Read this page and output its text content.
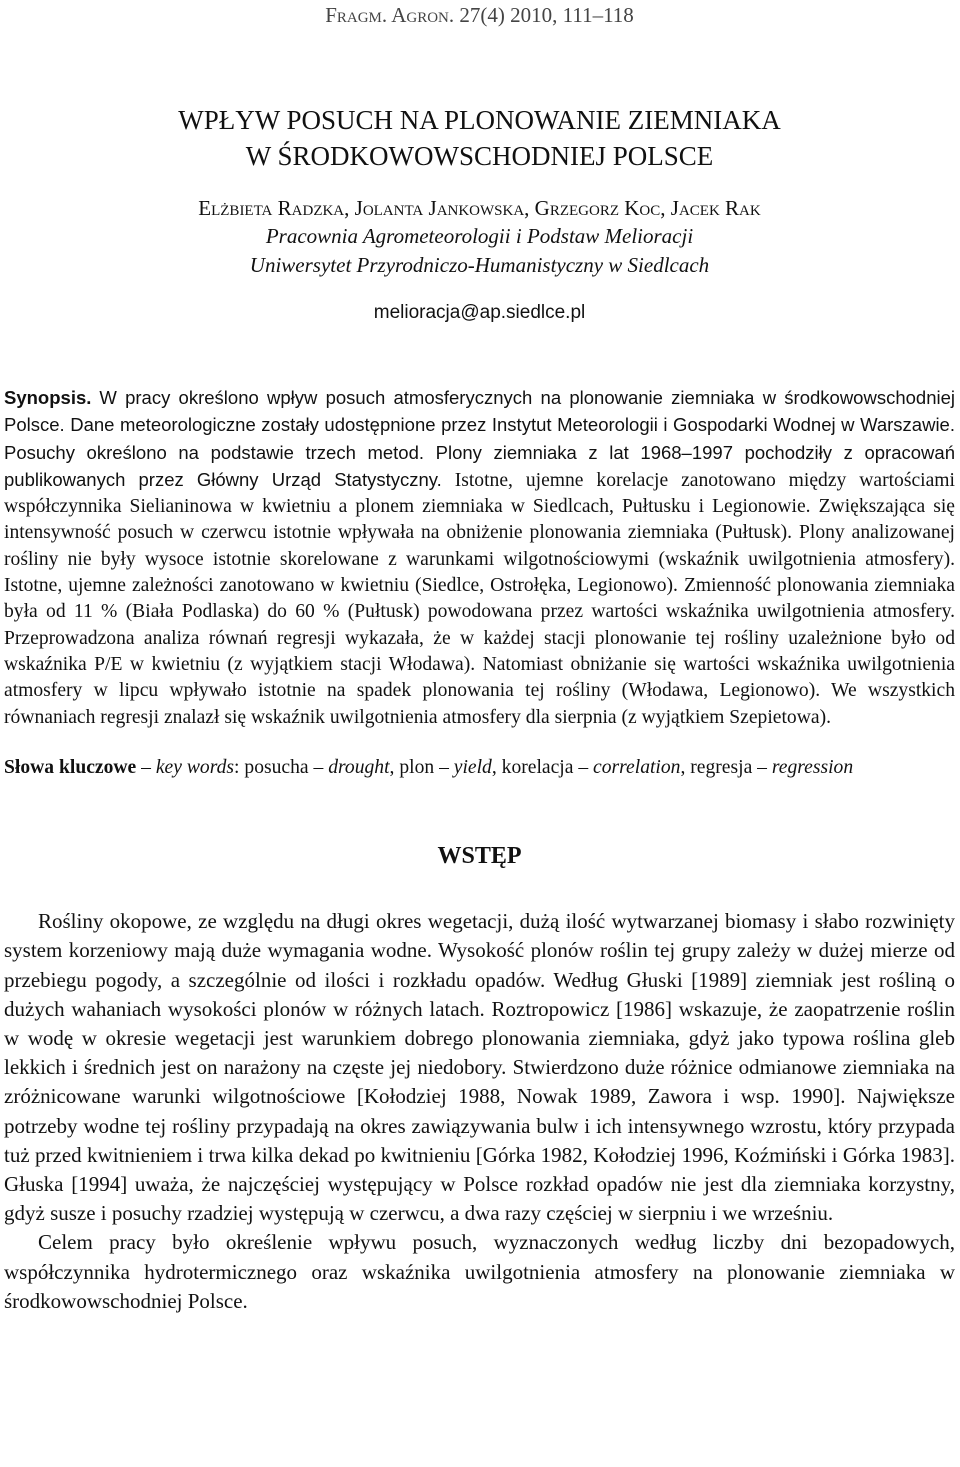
Fragm. Agron. 27(4) 2010, 111–118
WPŁYW POSUCH NA PLONOWANIE ZIEMNIAKA
W ŚRODKOWOWSCHODNIEJ POLSCE
Elżbieta Radzka, Jolanta Jankowska, Grzegorz Koc, Jacek Rak
Pracownia Agrometeorologii i Podstaw Melioracji
Uniwersytet Przyrodniczo-Humanistyczny w Siedlcach
melioracja@ap.siedlce.pl
Synopsis. W pracy określono wpływ posuch atmosferycznych na plonowanie ziemniaka w środkowowschodniej Polsce. Dane meteorologiczne zostały udostępnione przez Instytut Meteorologii i Gospodarki Wodnej w Warszawie. Posuchy określono na podstawie trzech metod. Plony ziemniaka z lat 1968–1997 pochodziły z opracowań publikowanych przez Główny Urząd Statystyczny. Istotne, ujemne korelacje zanotowano między wartościami współczynnika Sielianinowa w kwietniu a plonem ziemniaka w Siedlcach, Pułtusku i Legionowie. Zwiększająca się intensywność posuch w czerwcu istotnie wpływała na obniżenie plonowania ziemniaka (Pułtusk). Plony analizowanej rośliny nie były wysoce istotnie skorelowane z warunkami wilgotnościowymi (wskaźnik uwilgotnienia atmosfery). Istotne, ujemne zależności zanotowano w kwietniu (Siedlce, Ostrołęka, Legionowo). Zmienność plonowania ziemniaka była od 11 % (Biała Podlaska) do 60 % (Pułtusk) powodowana przez wartości wskaźnika uwilgotnienia atmosfery. Przeprowadzona analiza równań regresji wykazała, że w każdej stacji plonowanie tej rośliny uzależnione było od wskaźnika P/E w kwietniu (z wyjątkiem stacji Włodawa). Natomiast obniżanie się wartości wskaźnika uwilgotnienia atmosfery w lipcu wpływało istotnie na spadek plonowania tej rośliny (Włodawa, Legionowo). We wszystkich równaniach regresji znalazł się wskaźnik uwilgotnienia atmosfery dla sierpnia (z wyjątkiem Szepietowa).
Słowa kluczowe – key words: posucha – drought, plon – yield, korelacja – correlation, regresja – regression
WSTĘP

Rośliny okopowe, ze względu na długi okres wegetacji, dużą ilość wytwarzanej biomasy i słabo rozwinięty system korzeniowy mają duże wymagania wodne. Wysokość plonów roślin tej grupy zależy w dużej mierze od przebiegu pogody, a szczególnie od ilości i rozkładu opadów. Według Głuski [1989] ziemniak jest rośliną o dużych wahaniach wysokości plonów w różnych latach. Roztropowicz [1986] wskazuje, że zaopatrzenie roślin w wodę w okresie wegetacji jest warunkiem dobrego plonowania ziemniaka, gdyż jako typowa roślina gleb lekkich i średnich jest on narażony na częste jej niedobory. Stwierdzono duże różnice odmianowe ziemniaka na zróżnicowane warunki wilgotnościowe [Kołodziej 1988, Nowak 1989, Zawora i wsp. 1990]. Największe potrzeby wodne tej rośliny przypadają na okres zawiązywania bulw i ich intensywnego wzrostu, który przypada tuż przed kwitnieniem i trwa kilka dekad po kwitnieniu [Górka 1982, Kołodziej 1996, Koźmiński i Górka 1983]. Głuska [1994] uważa, że najczęściej występujący w Polsce rozkład opadów nie jest dla ziemniaka korzystny, gdyż susze i posuchy rzadziej występują w czerwcu, a dwa razy częściej w sierpniu i we wrześniu.

Celem pracy było określenie wpływu posuch, wyznaczonych według liczby dni bezopadowych, współczynnika hydrotermicznego oraz wskaźnika uwilgotnienia atmosfery na plonowanie ziemniaka w środkowowschodniej Polsce.
